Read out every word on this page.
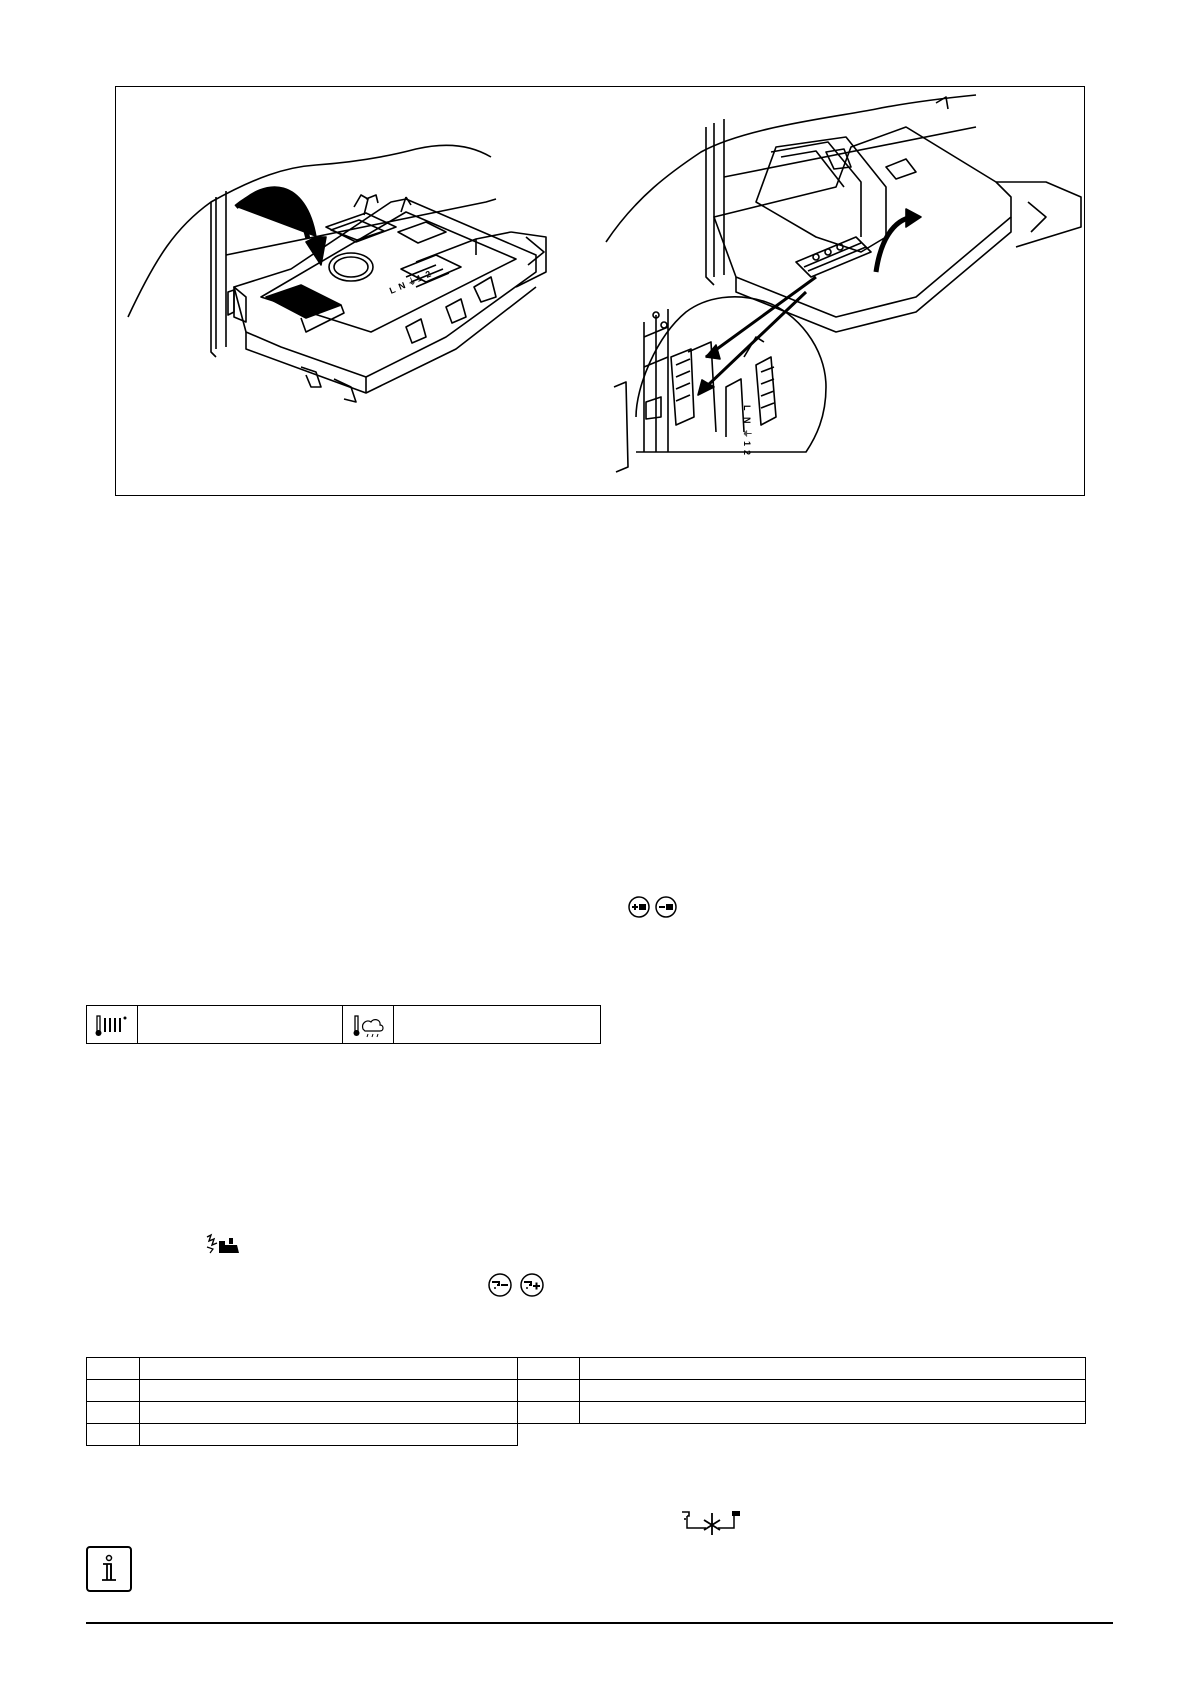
L N ⏚
1 2
L
N
⏚
1
2
